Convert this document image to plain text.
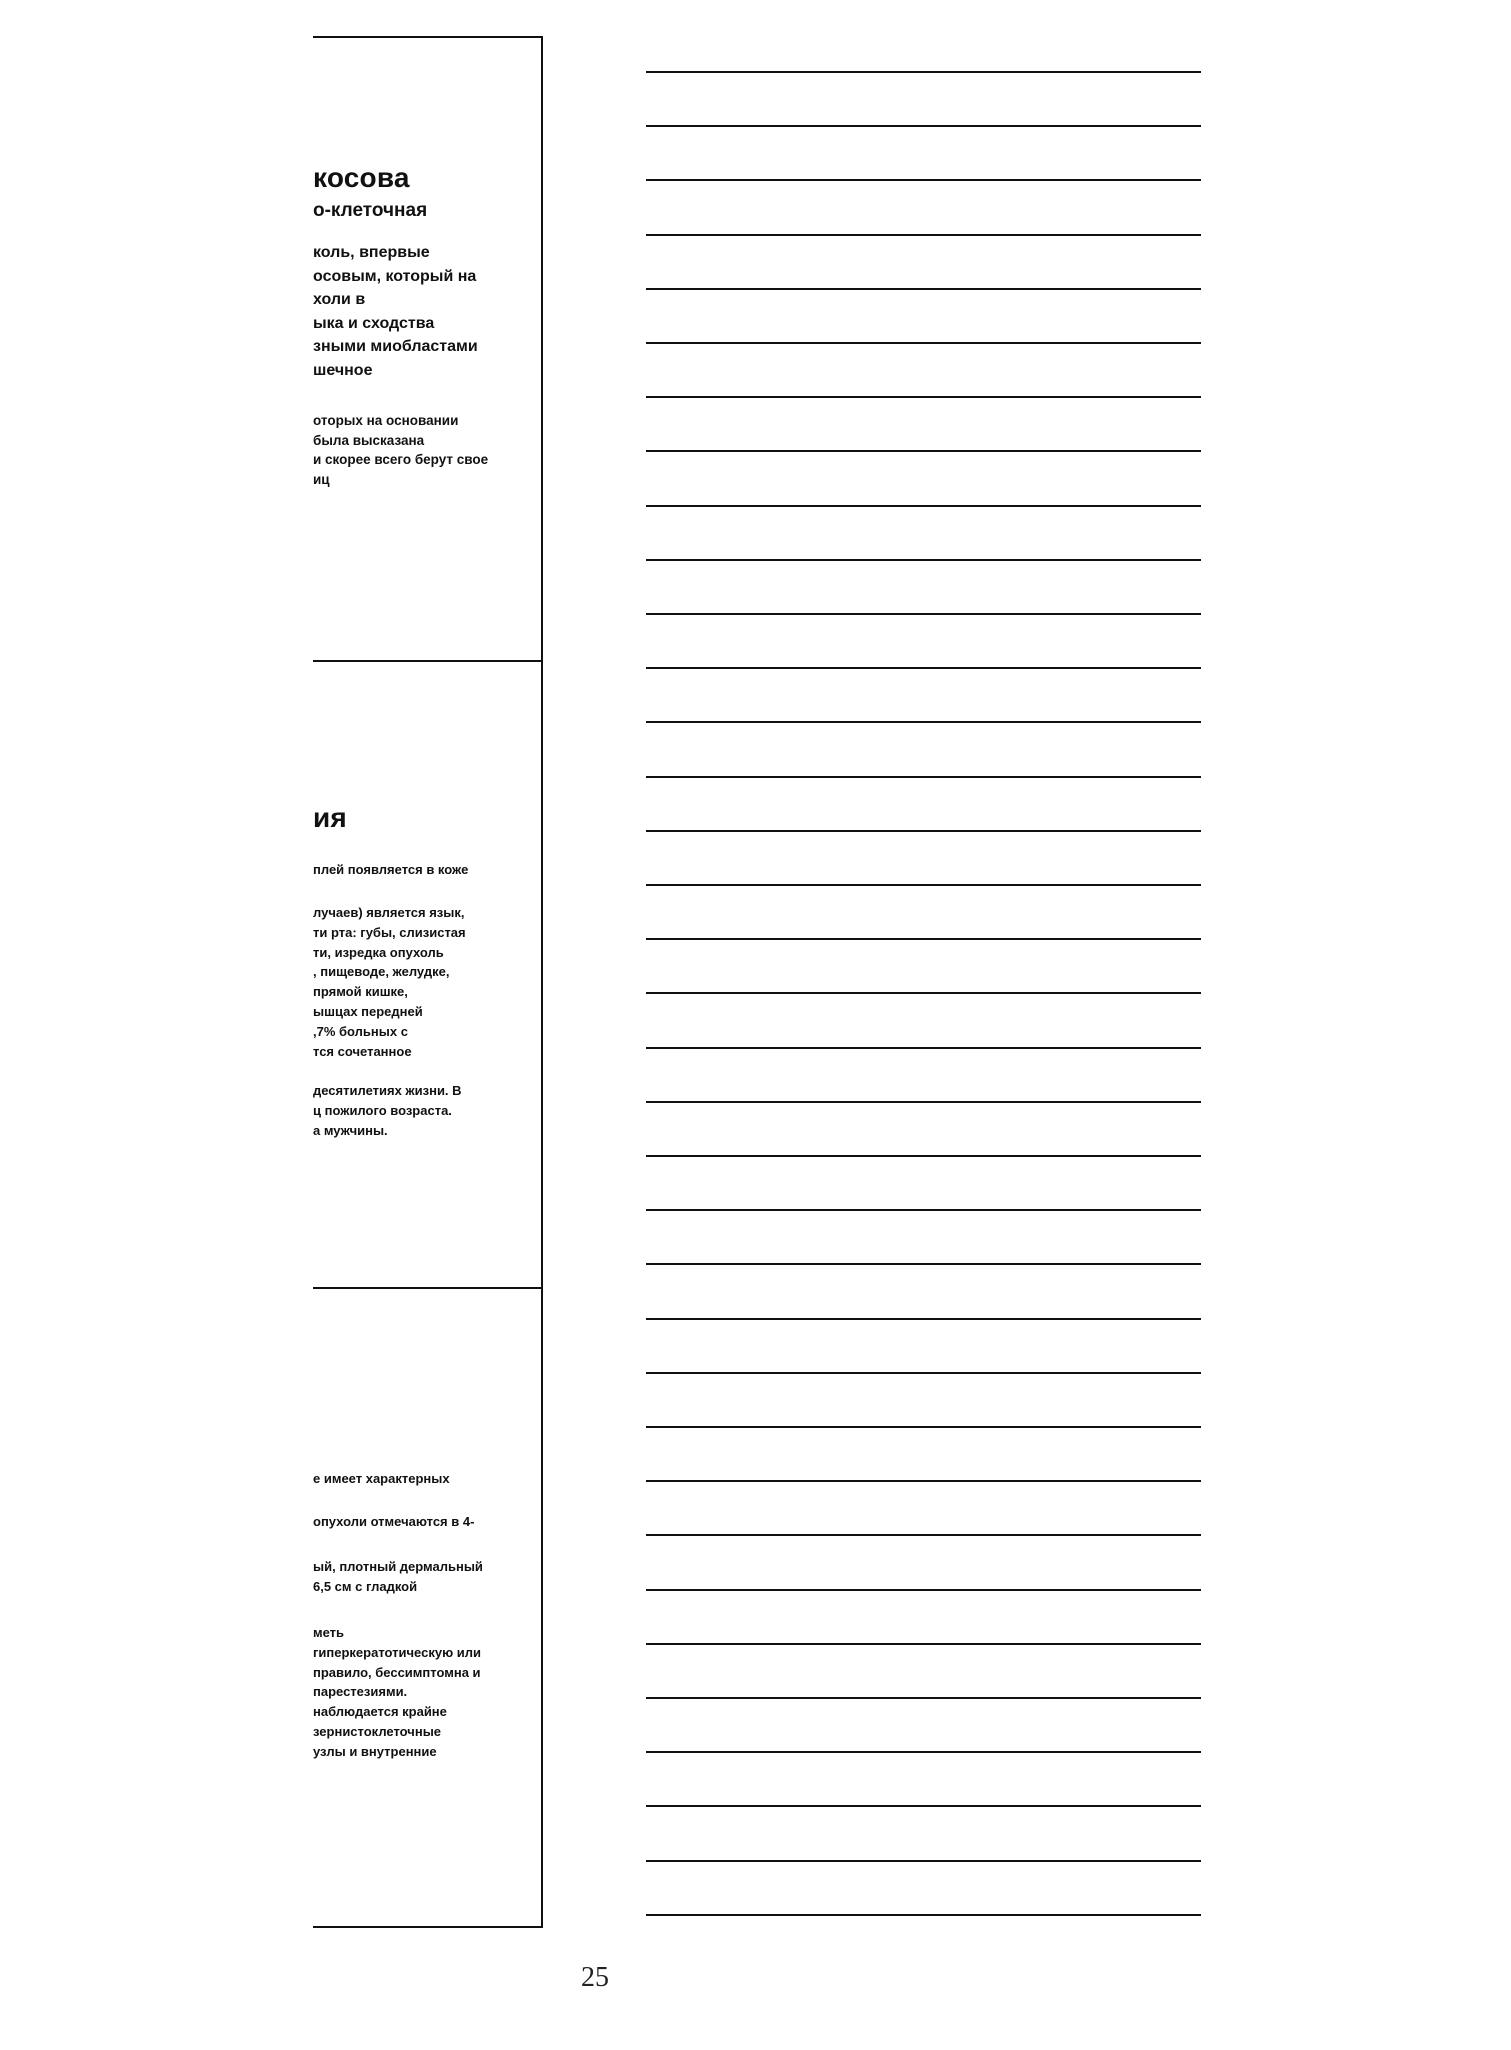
косова
о-клеточная
коль, впервые
осовым, который на
холи в
ыка и сходства
зными миобластами
шечное
оторых на основании
была высказана
и скорее всего берут свое
иц
ия
плей появляется в коже
лучаев) является язык,
ти рта: губы, слизистая
ти, изредка опухоль
, пищеводе, желудке,
прямой кишке,
ышцах передней
,7% больных с
тся сочетанное
десятилетиях жизни. В
ц пожилого возраста.
а мужчины.
е имеет характерных
опухоли отмечаются в 4-
ый, плотный дермальный
6,5 см с гладкой
меть
гиперкератотическую или
правило, бессимптомна и
парестезиями.
наблюдается крайне
зернистоклеточные
узлы и внутренние
25
